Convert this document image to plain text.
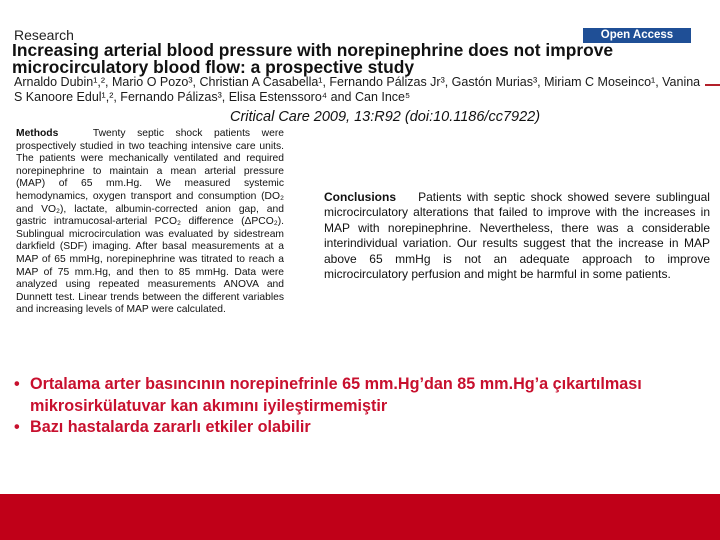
Research	Open Access
Increasing arterial blood pressure with norepinephrine does not improve microcirculatory blood flow: a prospective study
Arnaldo Dubin¹,², Mario O Pozo³, Christian A Casabella¹, Fernando Pálizas Jr³, Gastón Murias³, Miriam C Moseinco¹, Vanina S Kanoore Edul¹,², Fernando Pálizas³, Elisa Estenssoro⁴ and Can Ince⁵
Critical Care 2009, 13:R92 (doi:10.1186/cc7922)
Methods	Twenty septic shock patients were prospectively studied in two teaching intensive care units. The patients were mechanically ventilated and required norepinephrine to maintain a mean arterial pressure (MAP) of 65 mm.Hg. We measured systemic hemodynamics, oxygen transport and consumption (DO₂ and VO₂), lactate, albumin-corrected anion gap, and gastric intramucosal-arterial PCO₂ difference (ΔPCO₂). Sublingual microcirculation was evaluated by sidestream darkfield (SDF) imaging. After basal measurements at a MAP of 65 mmHg, norepinephrine was titrated to reach a MAP of 75 mm.Hg, and then to 85 mmHg. Data were analyzed using repeated measurements ANOVA and Dunnett test. Linear trends between the different variables and increasing levels of MAP were calculated.
Conclusions Patients with septic shock showed severe sublingual microcirculatory alterations that failed to improve with the increases in MAP with norepinephrine. Nevertheless, there was a considerable interindividual variation. Our results suggest that the increase in MAP above 65 mmHg is not an adequate approach to improve microcirculatory perfusion and might be harmful in some patients.
• Ortalama arter basıncının norepinefrinle 65 mm.Hg’dan 85 mm.Hg’a çıkartılması mikrosirkülatuvar kan akımını iyileştirmemiştir
• Bazı hastalarda zararlı etkiler olabilir
